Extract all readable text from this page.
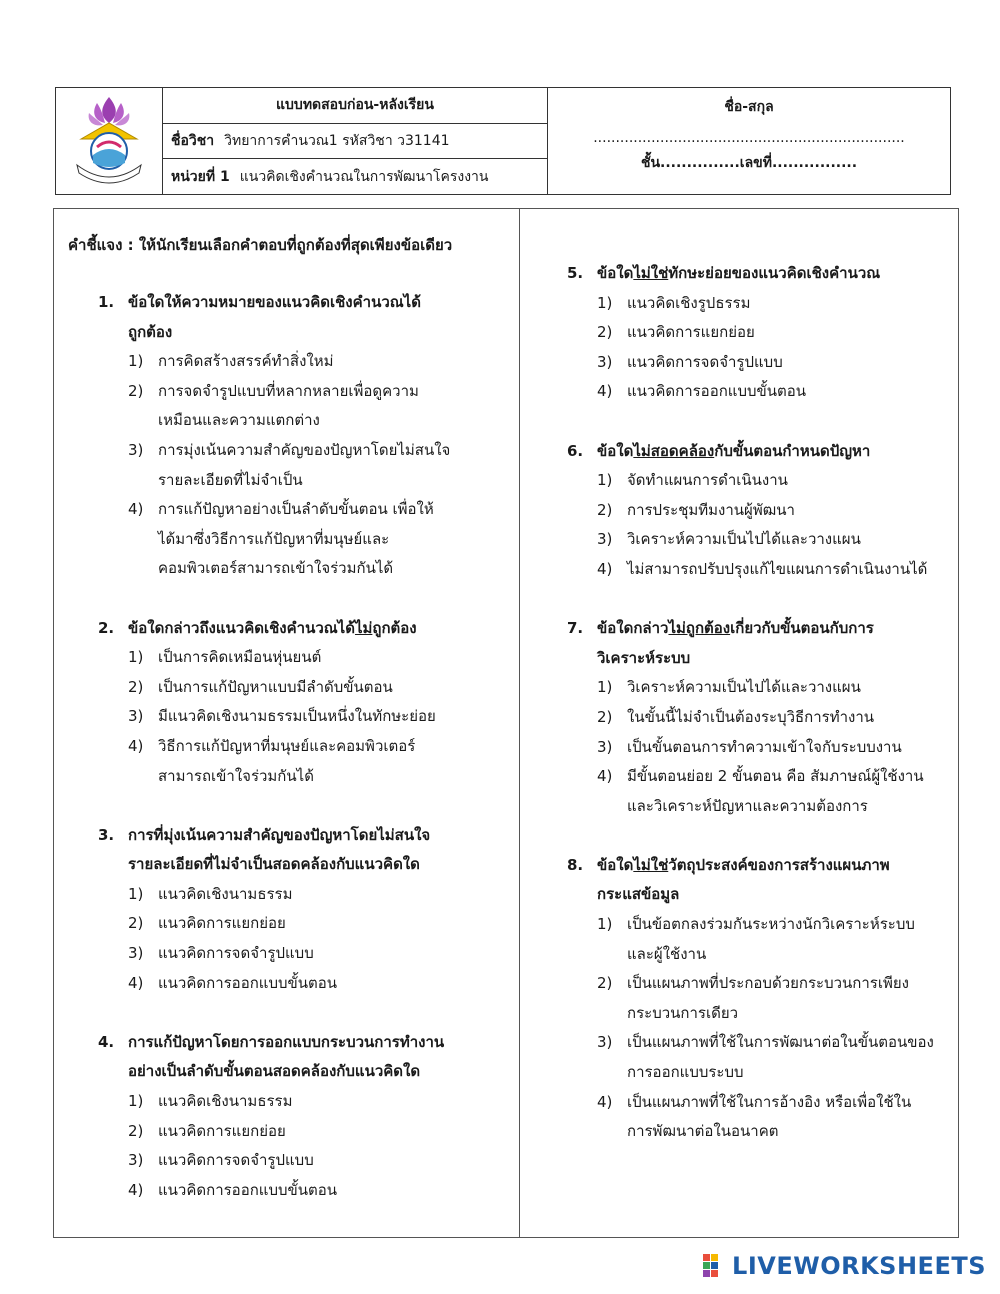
แบบทดสอบก่อน-หลังเรียน
ชื่อวิชา วิทยาการคำนวณ1 รหัสวิชา ว31141
หน่วยที่ 1 แนวคิดเชิงคำนวณในการพัฒนาโครงงาน
ชื่อ-สกุล
......................................................................
ชั้น...............เลขที่................
คำชี้แจง : ให้นักเรียนเลือกคำตอบที่ถูกต้องที่สุดเพียงข้อเดียว
1. ข้อใดให้ความหมายของแนวคิดเชิงคำนวณได้
ถูกต้อง
1) การคิดสร้างสรรค์ทำสิ่งใหม่
2) การจดจำรูปแบบที่หลากหลายเพื่อดูความ
เหมือนและความแตกต่าง
3) การมุ่งเน้นความสำคัญของปัญหาโดยไม่สนใจ
รายละเอียดที่ไม่จำเป็น
4) การแก้ปัญหาอย่างเป็นลำดับขั้นตอน เพื่อให้
ได้มาซึ่งวิธีการแก้ปัญหาที่มนุษย์และ
คอมพิวเตอร์สามารถเข้าใจร่วมกันได้
2. ข้อใดกล่าวถึงแนวคิดเชิงคำนวณได้ไม่ถูกต้อง
1) เป็นการคิดเหมือนหุ่นยนต์
2) เป็นการแก้ปัญหาแบบมีลำดับขั้นตอน
3) มีแนวคิดเชิงนามธรรมเป็นหนึ่งในทักษะย่อย
4) วิธีการแก้ปัญหาที่มนุษย์และคอมพิวเตอร์
สามารถเข้าใจร่วมกันได้
3. การที่มุ่งเน้นความสำคัญของปัญหาโดยไม่สนใจ
รายละเอียดที่ไม่จำเป็นสอดคล้องกับแนวคิดใด
1) แนวคิดเชิงนามธรรม
2) แนวคิดการแยกย่อย
3) แนวคิดการจดจำรูปแบบ
4) แนวคิดการออกแบบขั้นตอน
4. การแก้ปัญหาโดยการออกแบบกระบวนการทำงาน
อย่างเป็นลำดับขั้นตอนสอดคล้องกับแนวคิดใด
1) แนวคิดเชิงนามธรรม
2) แนวคิดการแยกย่อย
3) แนวคิดการจดจำรูปแบบ
4) แนวคิดการออกแบบขั้นตอน
5. ข้อใดไม่ใช่ทักษะย่อยของแนวคิดเชิงคำนวณ
1) แนวคิดเชิงรูปธรรม
2) แนวคิดการแยกย่อย
3) แนวคิดการจดจำรูปแบบ
4) แนวคิดการออกแบบขั้นตอน
6. ข้อใดไม่สอดคล้องกับขั้นตอนกำหนดปัญหา
1) จัดทำแผนการดำเนินงาน
2) การประชุมทีมงานผู้พัฒนา
3) วิเคราะห์ความเป็นไปได้และวางแผน
4) ไม่สามารถปรับปรุงแก้ไขแผนการดำเนินงานได้
7. ข้อใดกล่าวไม่ถูกต้องเกี่ยวกับขั้นตอนกับการ
วิเคราะห์ระบบ
1) วิเคราะห์ความเป็นไปได้และวางแผน
2) ในขั้นนี้ไม่จำเป็นต้องระบุวิธีการทำงาน
3) เป็นขั้นตอนการทำความเข้าใจกับระบบงาน
4) มีขั้นตอนย่อย 2 ขั้นตอน คือ สัมภาษณ์ผู้ใช้งาน
และวิเคราะห์ปัญหาและความต้องการ
8. ข้อใดไม่ใช่วัตถุประสงค์ของการสร้างแผนภาพ
กระแสข้อมูล
1) เป็นข้อตกลงร่วมกันระหว่างนักวิเคราะห์ระบบ
และผู้ใช้งาน
2) เป็นแผนภาพที่ประกอบด้วยกระบวนการเพียง
กระบวนการเดียว
3) เป็นแผนภาพที่ใช้ในการพัฒนาต่อในขั้นตอนของ
การออกแบบระบบ
4) เป็นแผนภาพที่ใช้ในการอ้างอิง หรือเพื่อใช้ใน
การพัฒนาต่อในอนาคต
LIVEWORKSHEETS
